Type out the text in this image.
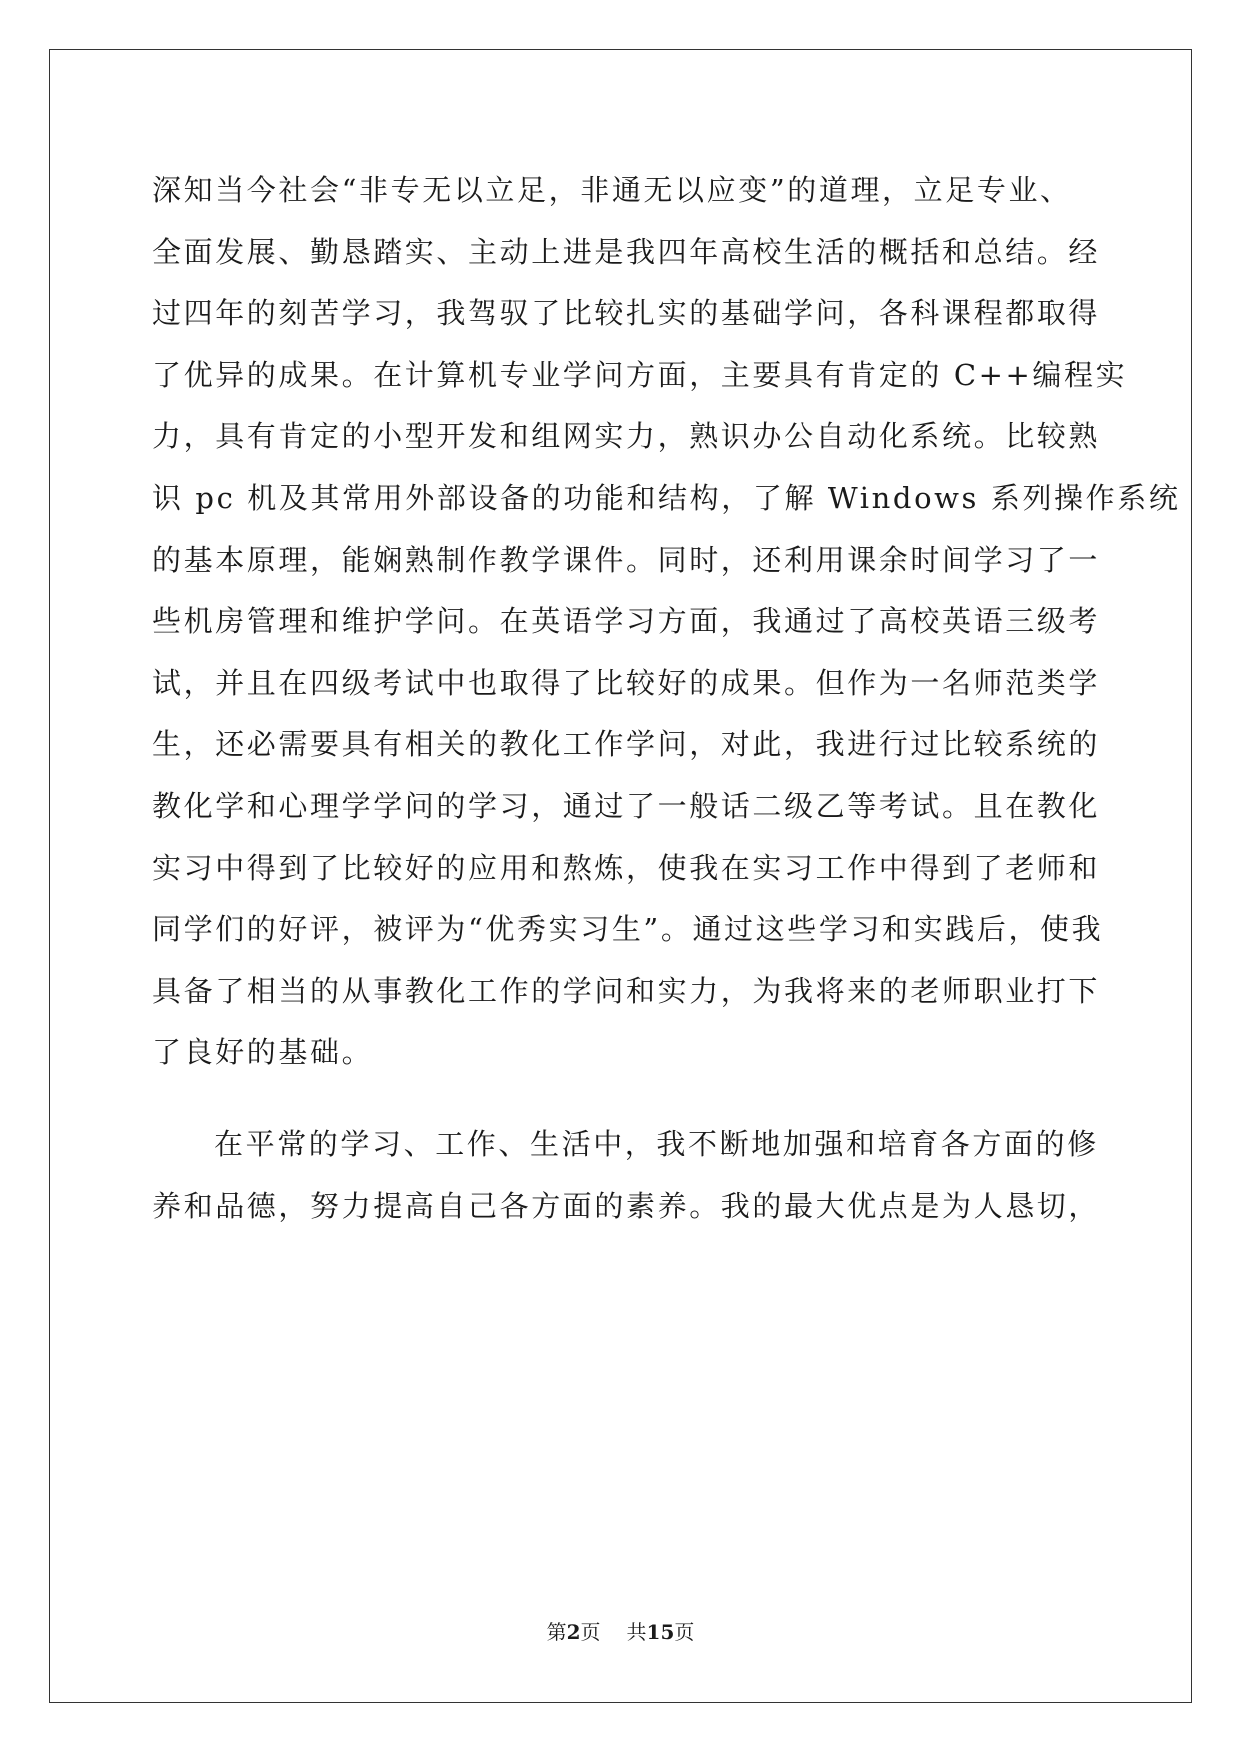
深知当今社会“非专无以立足，非通无以应变”的道理，立足专业、
全面发展、勤恳踏实、主动上进是我四年高校生活的概括和总结。经
过四年的刻苦学习，我驾驭了比较扎实的基础学问，各科课程都取得
了优异的成果。在计算机专业学问方面，主要具有肯定的 C++编程实
力，具有肯定的小型开发和组网实力，熟识办公自动化系统。比较熟
识 pc 机及其常用外部设备的功能和结构，了解 Windows 系列操作系统
的基本原理，能娴熟制作教学课件。同时，还利用课余时间学习了一
些机房管理和维护学问。在英语学习方面，我通过了高校英语三级考
试，并且在四级考试中也取得了比较好的成果。但作为一名师范类学
生，还必需要具有相关的教化工作学问，对此，我进行过比较系统的
教化学和心理学学问的学习，通过了一般话二级乙等考试。且在教化
实习中得到了比较好的应用和熬炼，使我在实习工作中得到了老师和
同学们的好评，被评为“优秀实习生”。通过这些学习和实践后，使我
具备了相当的从事教化工作的学问和实力，为我将来的老师职业打下
了良好的基础。
在平常的学习、工作、生活中，我不断地加强和培育各方面的修
养和品德，努力提高自己各方面的素养。我的最大优点是为人恳切，
第2页 共15页
